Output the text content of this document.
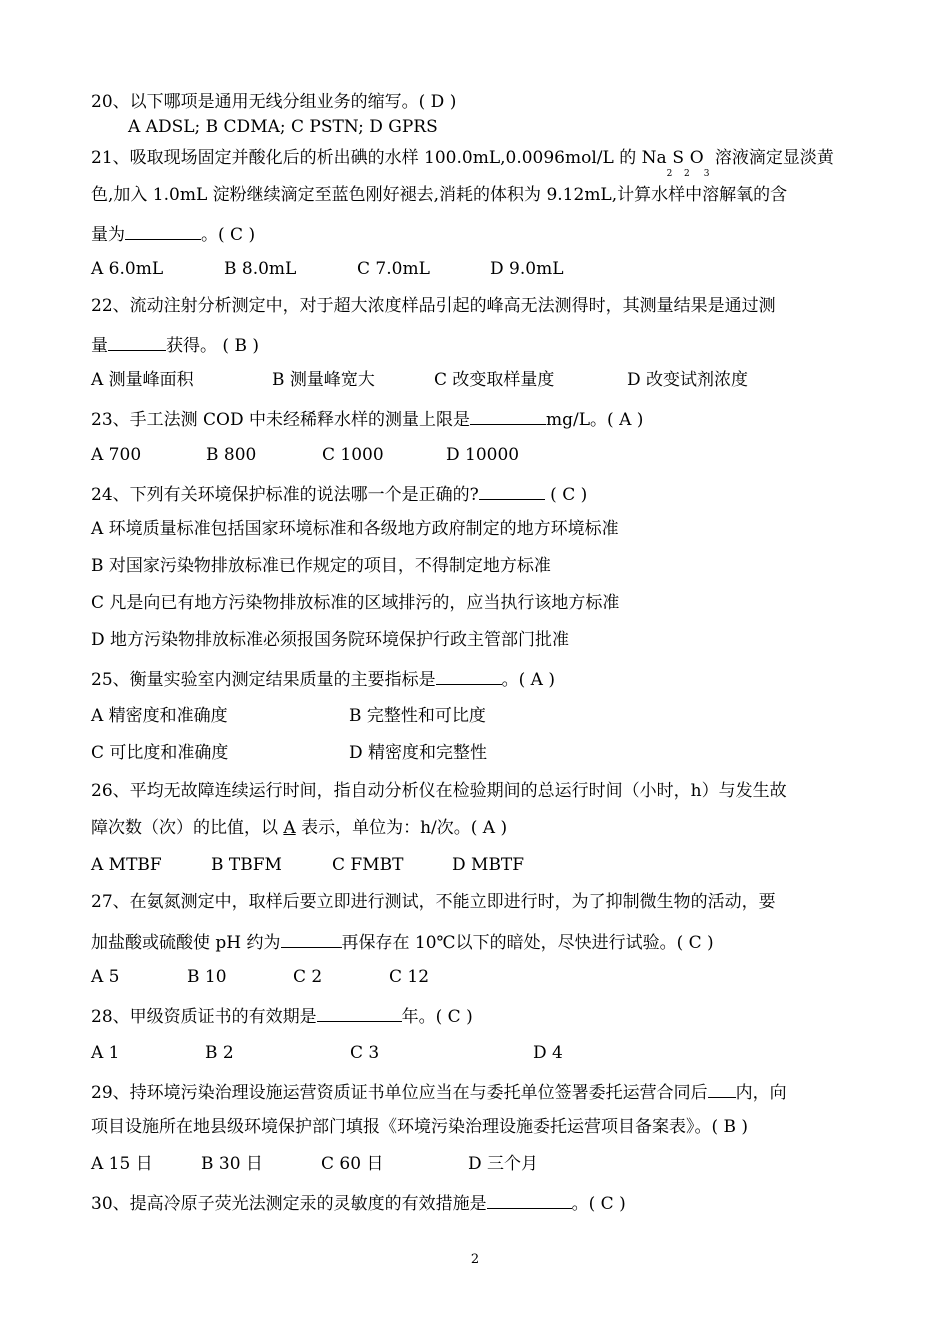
20、以下哪项是通用无线分组业务的缩写。( D )
A ADSL; B CDMA; C PSTN; D GPRS
21、吸取现场固定并酸化后的析出碘的水样 100.0mL,0.0096mol/L 的 $Na_2S_2O_3$ 溶液滴定显淡黄
色,加入 1.0mL 淀粉继续滴定至蓝色刚好褪去,消耗的体积为 9.12mL,计算水样中溶解氧的含
量为	。( C )
A 6.0mL	B 8.0mL	C 7.0mL	D 9.0mL
22、流动注射分析测定中，对于超大浓度样品引起的峰高无法测得时，其测量结果是通过测
量	获得。 ( B )
A 测量峰面积	B 测量峰宽大	C 改变取样量度	D 改变试剂浓度
23、手工法测 COD 中未经稀释水样的测量上限是	mg/L。( A )
A 700	B 800	C 1000	D 10000
24、下列有关环境保护标准的说法哪一个是正确的?	( C )
A 环境质量标准包括国家环境标准和各级地方政府制定的地方环境标准
B 对国家污染物排放标准已作规定的项目，不得制定地方标准
C 凡是向已有地方污染物排放标准的区域排污的，应当执行该地方标准
D 地方污染物排放标准必须报国务院环境保护行政主管部门批准
25、衡量实验室内测定结果质量的主要指标是	。( A )
A 精密度和准确度	B 完整性和可比度
C 可比度和准确度	D 精密度和完整性
26、平均无故障连续运行时间，指自动分析仪在检验期间的总运行时间（小时，h）与发生故
障次数（次）的比值，以 A 表示，单位为：h/次。( A )
A MTBF	B TBFM	C FMBT	D MBTF
27、在氨氮测定中，取样后要立即进行测试，不能立即进行时，为了抑制微生物的活动，要
加盐酸或硫酸使 pH 约为	再保存在 10℃以下的暗处，尽快进行试验。( C )
A 5	B 10	C 2	C 12
28、甲级资质证书的有效期是	年。( C )
A 1	B 2	C 3	D 4
29、持环境污染治理设施运营资质证书单位应当在与委托单位签署委托运营合同后 内，向
项目设施所在地县级环境保护部门填报《环境污染治理设施委托运营项目备案表》。( B )
A 15 日	B 30 日	C 60 日	D 三个月
30、提高冷原子荧光法测定汞的灵敏度的有效措施是	。( C )
2
